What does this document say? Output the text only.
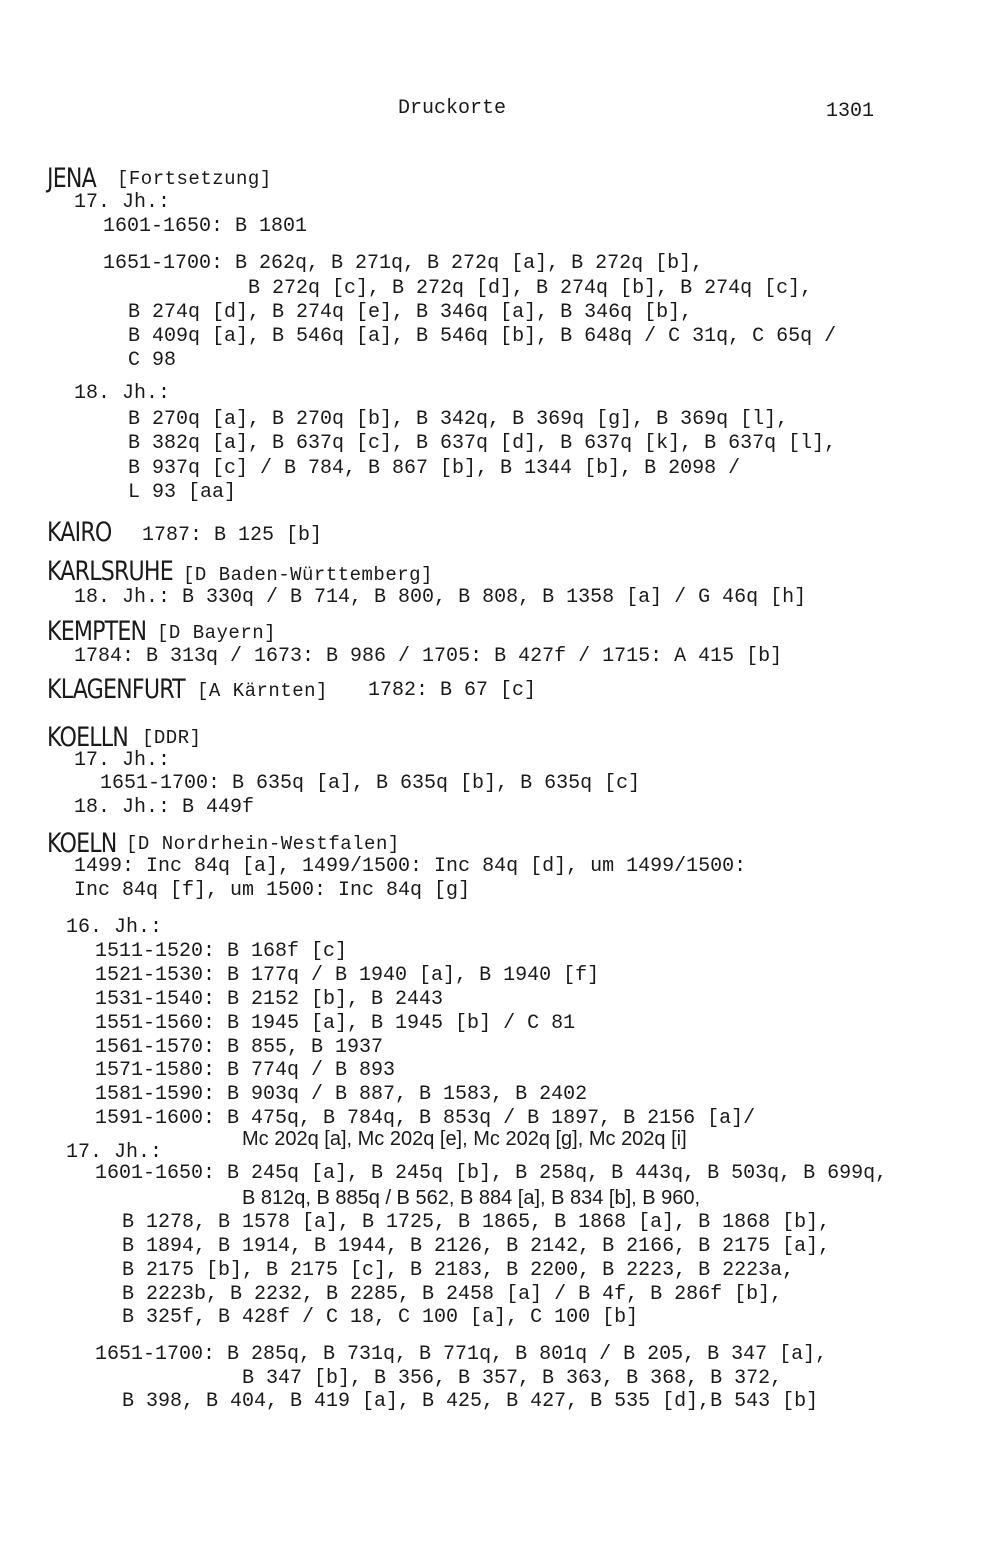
Druckorte	1301
JENA [Fortsetzung]
17. Jh.:
1601-1650: B 1801
1651-1700: B 262q, B 271q, B 272q [a], B 272q [b],
B 272q [c], B 272q [d], B 274q [b], B 274q [c],
B 274q [d], B 274q [e], B 346q [a], B 346q [b],
B 409q [a], B 546q [a], B 546q [b], B 648q / C 31q, C 65q /
C 98
18. Jh.:
B 270q [a], B 270q [b], B 342q, B 369q [g], B 369q [l],
B 382q [a], B 637q [c], B 637q [d], B 637q [k], B 637q [l],
B 937q [c] / B 784, B 867 [b], B 1344 [b], B 2098 /
L 93 [aa]
KAIRO 1787: B 125 [b]
KARLSRUHE [D Baden-Württemberg]
18. Jh.: B 330q / B 714, B 800, B 808, B 1358 [a] / G 46q [h]
KEMPTEN [D Bayern]
1784: B 313q / 1673: B 986 / 1705: B 427f / 1715: A 415 [b]
KLAGENFURT [A Kärnten] 1782: B 67 [c]
KOELLN [DDR]
17. Jh.:
1651-1700: B 635q [a], B 635q [b], B 635q [c]
18. Jh.: B 449f
KOELN [D Nordrhein-Westfalen]
1499: Inc 84q [a], 1499/1500: Inc 84q [d], um 1499/1500:
Inc 84q [f], um 1500: Inc 84q [g]
16. Jh.:
1511-1520: B 168f [c]
1521-1530: B 177q / B 1940 [a], B 1940 [f]
1531-1540: B 2152 [b], B 2443
1551-1560: B 1945 [a], B 1945 [b] / C 81
1561-1570: B 855, B 1937
1571-1580: B 774q / B 893
1581-1590: B 903q / B 887, B 1583, B 2402
1591-1600: B 475q, B 784q, B 853q / B 1897, B 2156 [a]/
Mc 202q [a], Mc 202q [e], Mc 202q [g], Mc 202q [i]
17. Jh.:
1601-1650: B 245q [a], B 245q [b], B 258q, B 443q, B 503q, B 699q,
B 812q, B 885q / B 562, B 884 [a], B 834 [b], B 960,
B 1278, B 1578 [a], B 1725, B 1865, B 1868 [a], B 1868 [b],
B 1894, B 1914, B 1944, B 2126, B 2142, B 2166, B 2175 [a],
B 2175 [b], B 2175 [c], B 2183, B 2200, B 2223, B 2223a,
B 2223b, B 2232, B 2285, B 2458 [a] / B 4f, B 286f [b],
B 325f, B 428f / C 18, C 100 [a], C 100 [b]
1651-1700: B 285q, B 731q, B 771q, B 801q / B 205, B 347 [a],
B 347 [b], B 356, B 357, B 363, B 368, B 372,
B 398, B 404, B 419 [a], B 425, B 427, B 535 [d],B 543 [b]
